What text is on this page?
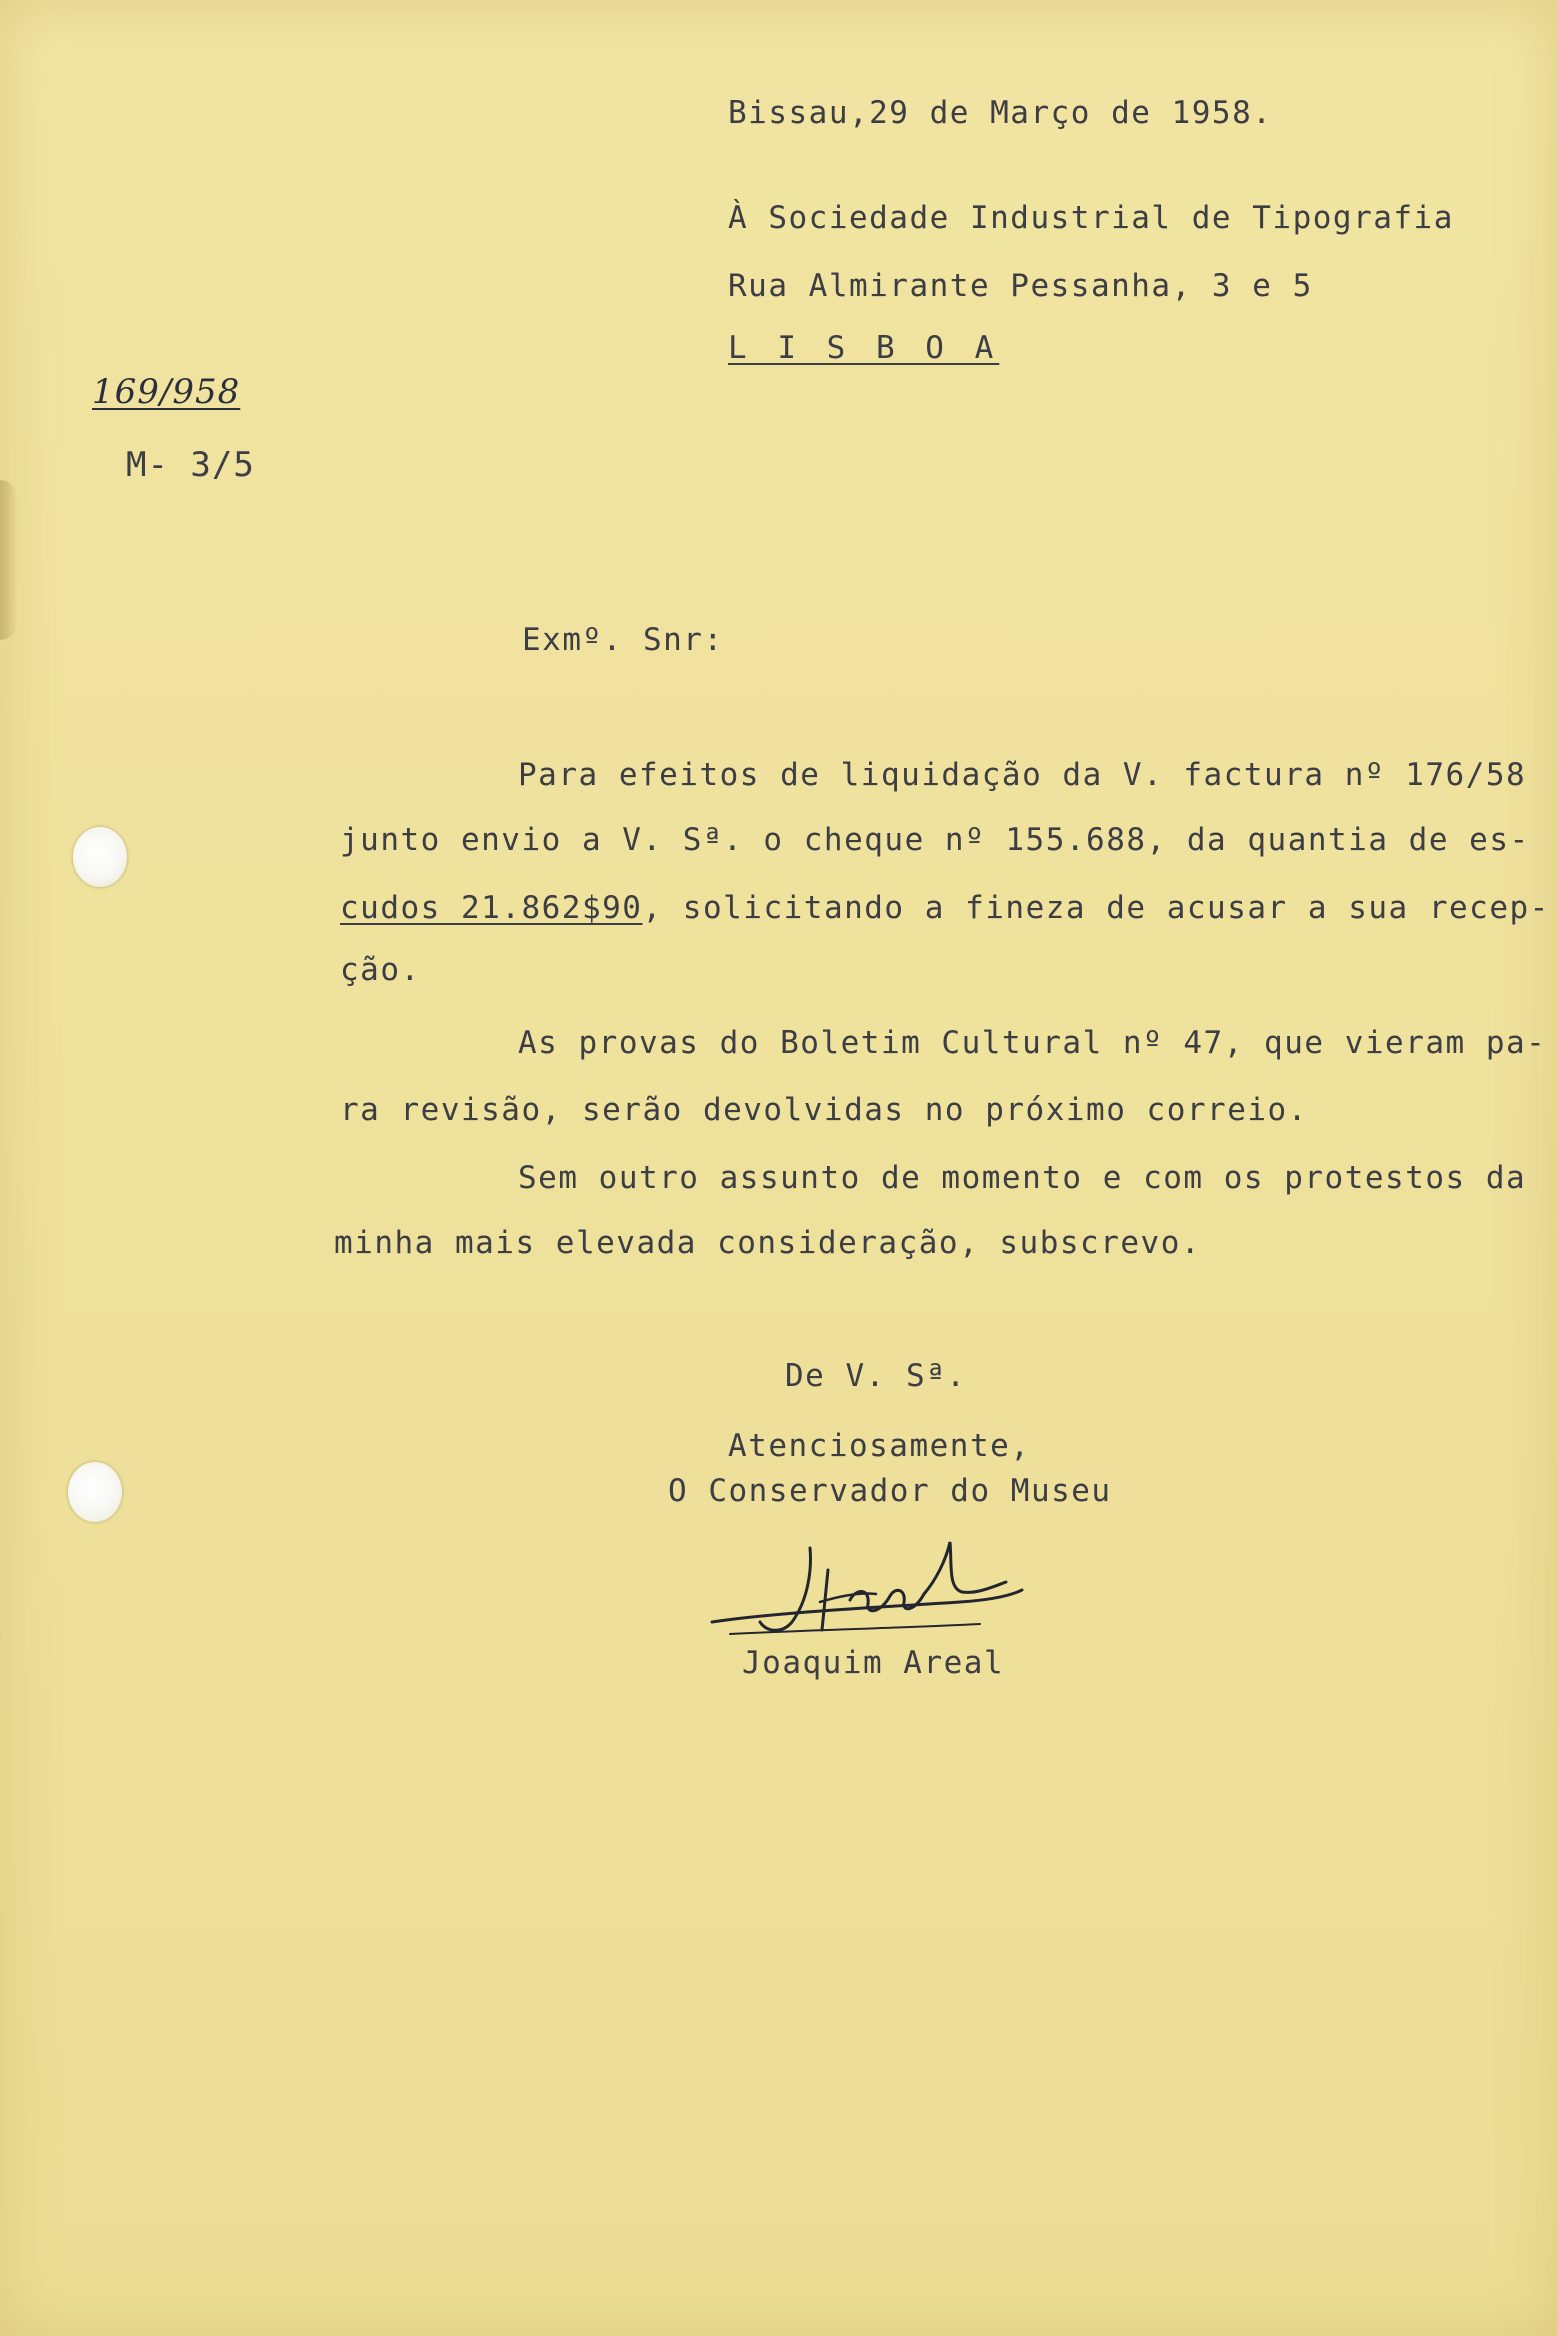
Bissau,29 de Março de 1958.
À Sociedade Industrial de Tipografia
Rua Almirante Pessanha, 3 e 5
L I S B O A
169/958
M- 3/5
Exmº. Snr:
Para efeitos de liquidação da V. factura nº 176/58
junto envio a V. Sª. o cheque nº 155.688, da quantia de es-
cudos 21.862$90, solicitando a fineza de acusar a sua recep-
ção.
As provas do Boletim Cultural nº 47, que vieram pa-
ra revisão, serão devolvidas no próximo correio.
Sem outro assunto de momento e com os protestos da
minha mais elevada consideração, subscrevo.
De V. Sª.
Atenciosamente,
O Conservador do Museu
Joaquim Areal
